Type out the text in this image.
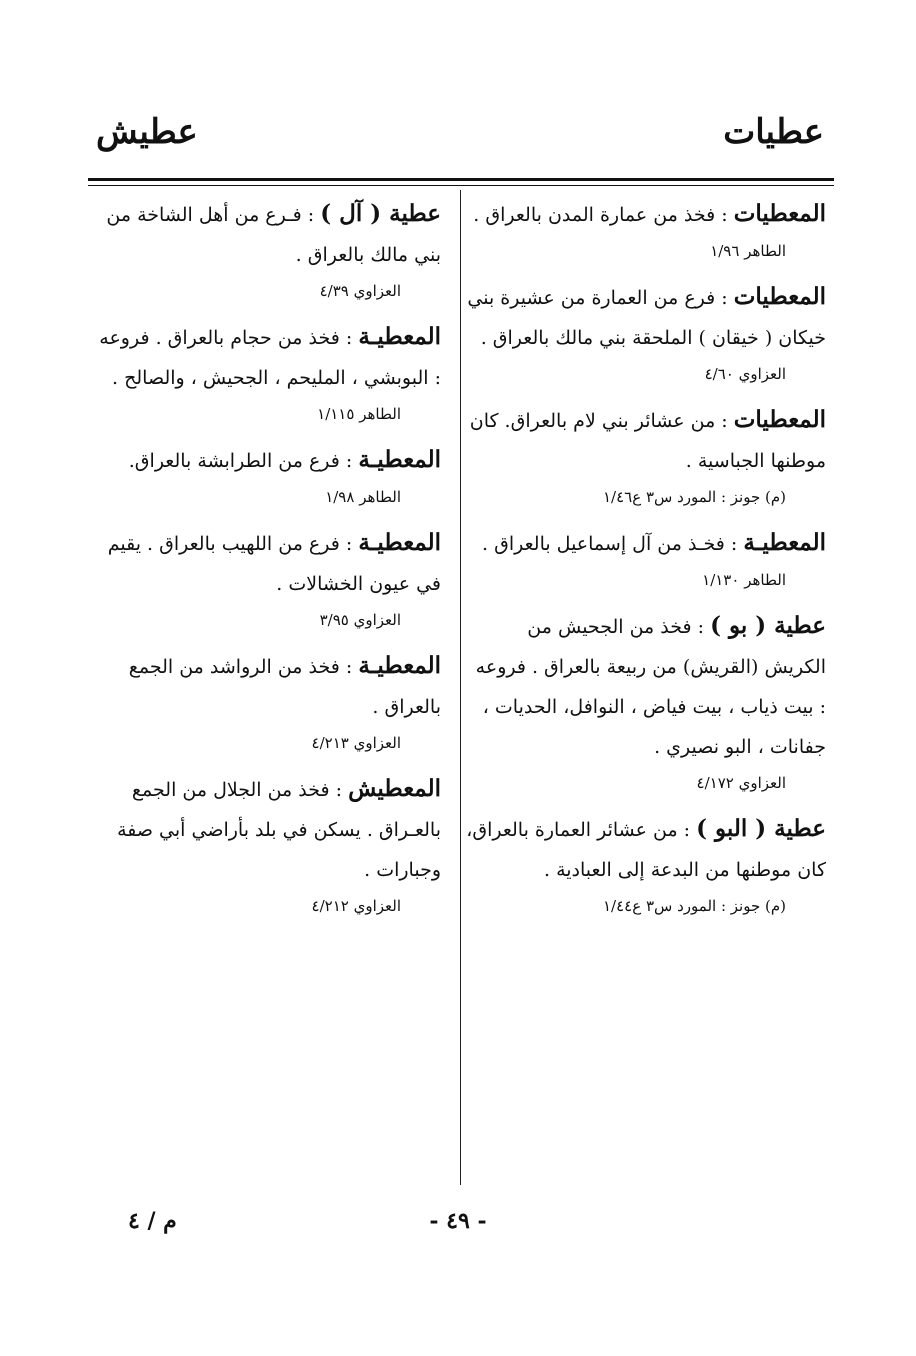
عطيات
عطيش
المعطيات : فخذ من عمارة المدن بالعراق .
الطاهر ١/٩٦
المعطيات : فرع من العمارة من عشيرة بني خيكان ( خيقان ) الملحقة بني مالك بالعراق .
العزاوي ٤/٦٠
المعطيات : من عشائر بني لام بالعراق. كان موطنها الجباسية .
(م) جونز : المورد س٣ ع١/٤٦
المعطيـة : فخـذ من آل إسماعيل بالعراق .
الطاهر ١/١٣٠
عطية ( بو ) : فخذ من الجحيش من الكريش (القريش) من ربيعة بالعراق . فروعه : بيت ذياب ، بيت فياض ، النوافل، الحديات ، جفانات ، البو نصيري .
العزاوي ٤/١٧٢
عطية ( البو ) : من عشائر العمارة بالعراق، كان موطنها من البدعة إلى العبادية .
(م) جونز : المورد س٣ ع١/٤٤
عطية ( آل ) : فـرع من أهل الشاخة من بني مالك بالعراق .
العزاوي ٤/٣٩
المعطيـة : فخذ من حجام بالعراق . فروعه : البوبشي ، المليحم ، الجحيش ، والصالح .
الطاهر ١/١١٥
المعطيـة : فرع من الطرابشة بالعراق.
الطاهر ١/٩٨
المعطيـة : فرع من اللهيب بالعراق . يقيم في عيون الخشالات .
العزاوي ٣/٩٥
المعطيـة : فخذ من الرواشد من الجمع بالعراق .
العزاوي ٤/٢١٣
المعطيش : فخذ من الجلال من الجمع بالعـراق . يسكن في بلد بأراضي أبي صفة وجبارات .
العزاوي ٤/٢١٢
- ٤٩ -
م / ٤
